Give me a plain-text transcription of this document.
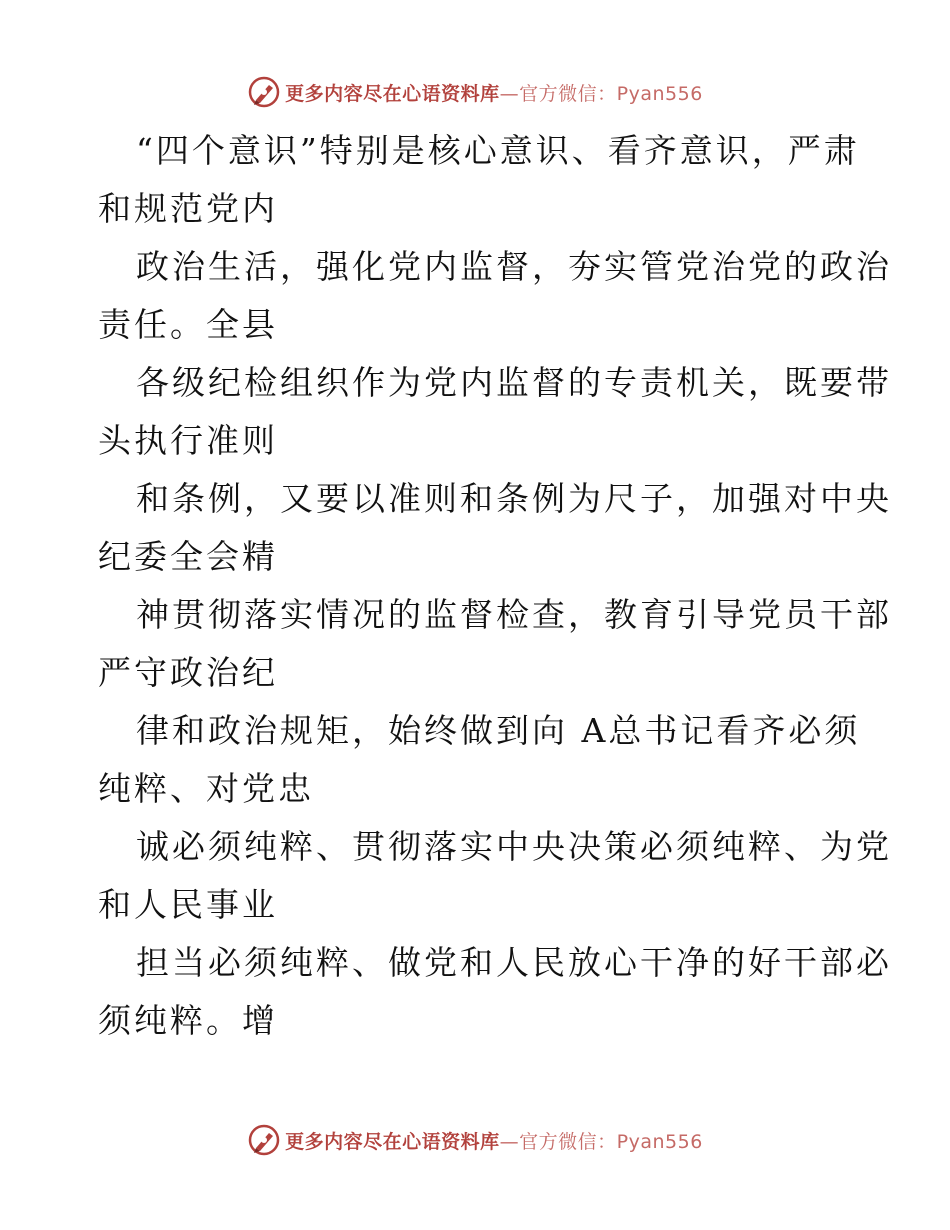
更多内容尽在心语资料库—官方微信：Pyan556
“四个意识”特别是核心意识、看齐意识，严肃
和规范党内
政治生活，强化党内监督，夯实管党治党的政治
责任。全县
各级纪检组织作为党内监督的专责机关，既要带
头执行准则
和条例，又要以准则和条例为尺子，加强对中央
纪委全会精
神贯彻落实情况的监督检查，教育引导党员干部
严守政治纪
律和政治规矩，始终做到向 A总书记看齐必须
纯粹、对党忠
诚必须纯粹、贯彻落实中央决策必须纯粹、为党
和人民事业
担当必须纯粹、做党和人民放心干净的好干部必
须纯粹。增
更多内容尽在心语资料库—官方微信：Pyan556
